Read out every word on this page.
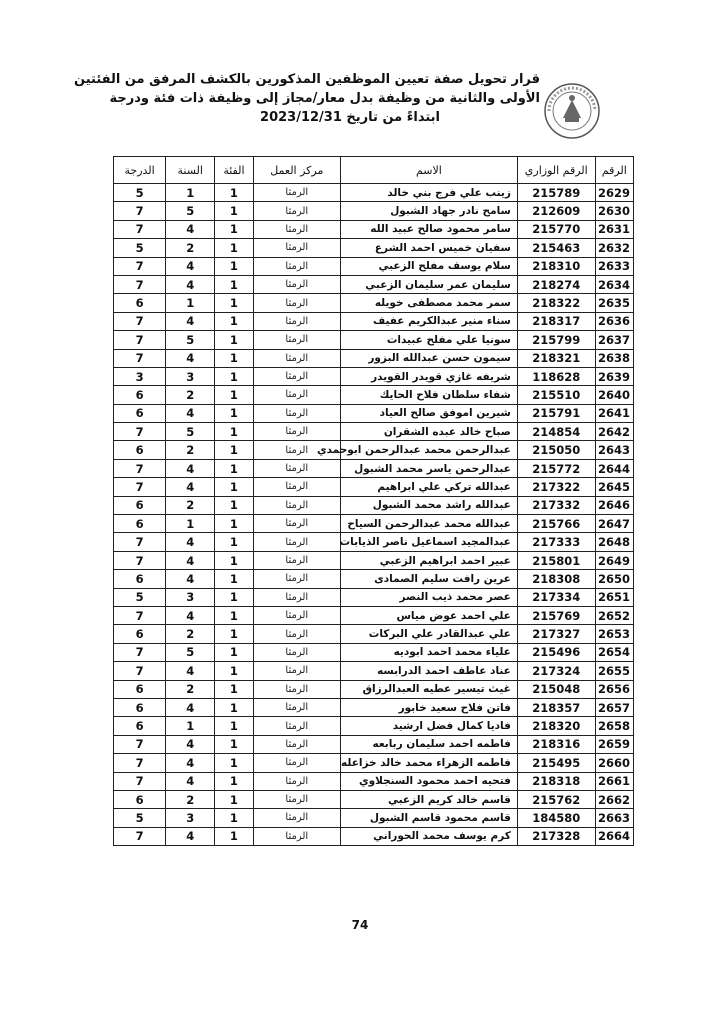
قرار تحويل صفة تعيين الموظفين المذكورين بالكشف المرفق من الفئتين
الأولى والثانية من وظيفة بدل معار/مجاز إلى وظيفة ذات فئة ودرجة
ابتداءً من تاريخ 2023/12/31
الرقم	الرقم الوزاري	الاسم	مركز العمل	الفئة	السنة	الدرجة
2629	215789	زينب علي فرج بني خالد	الرمثا	1	1	5
2630	212609	سامح نادر جهاد الشبول	الرمثا	1	5	7
2631	215770	سامر محمود صالح عبيد الله	الرمثا	1	4	7
2632	215463	سفيان خميس احمد الشرع	الرمثا	1	2	5
2633	218310	سلام يوسف مفلح الزعبي	الرمثا	1	4	7
2634	218274	سليمان عمر سليمان الزعبي	الرمثا	1	4	7
2635	218322	سمر محمد مصطفى خويله	الرمثا	1	1	6
2636	218317	سناء منير عبدالكريم عفيف	الرمثا	1	4	7
2637	215799	سونيا علي مفلح عبيدات	الرمثا	1	5	7
2638	218321	سيمون حسن عبدالله البزور	الرمثا	1	4	7
2639	118628	شريفه غازي قويدر القويدر	الرمثا	1	3	3
2640	215510	شفاء سلطان فلاح الحايك	الرمثا	1	2	6
2641	215791	شيرين اموفق صالح العياد	الرمثا	1	4	6
2642	214854	صباح خالد عبده الشقران	الرمثا	1	5	7
2643	215050	عبدالرحمن محمد عبدالرحمن ابوحمدي	الرمثا	1	2	6
2644	215772	عبدالرحمن ياسر محمد الشبول	الرمثا	1	4	7
2645	217322	عبدالله تركي علي ابراهيم	الرمثا	1	4	7
2646	217332	عبدالله راشد محمد الشبول	الرمثا	1	2	6
2647	215766	عبدالله محمد عبدالرحمن السياح	الرمثا	1	1	6
2648	217333	عبدالمجيد اسماعيل ناصر الذيابات	الرمثا	1	4	7
2649	215801	عبير احمد ابراهيم الزعبي	الرمثا	1	4	7
2650	218308	عرين رافت سليم الصمادى	الرمثا	1	4	6
2651	217334	عصر محمد ذيب النصر	الرمثا	1	3	5
2652	215769	علي احمد عوض مياس	الرمثا	1	4	7
2653	217327	علي عبدالقادر علي البركات	الرمثا	1	2	6
2654	215496	علياء محمد احمد ابوديه	الرمثا	1	5	7
2655	217324	عناد عاطف احمد الدرابسه	الرمثا	1	4	7
2656	215048	غيث تيسير عطيه العبدالرزاق	الرمثا	1	2	6
2657	218357	فاتن فلاح سعيد خابور	الرمثا	1	4	6
2658	218320	فاديا كمال فضل ارشيد	الرمثا	1	1	6
2659	218316	فاطمه احمد سليمان ربابعه	الرمثا	1	4	7
2660	215495	فاطمه الزهراء محمد خالد خزاعله	الرمثا	1	4	7
2661	218318	فتحيه احمد محمود السنجلاوي	الرمثا	1	4	7
2662	215762	قاسم خالد كريم الزعبي	الرمثا	1	2	6
2663	184580	قاسم محمود قاسم الشبول	الرمثا	1	3	5
2664	217328	كرم يوسف محمد الحوراني	الرمثا	1	4	7
74
